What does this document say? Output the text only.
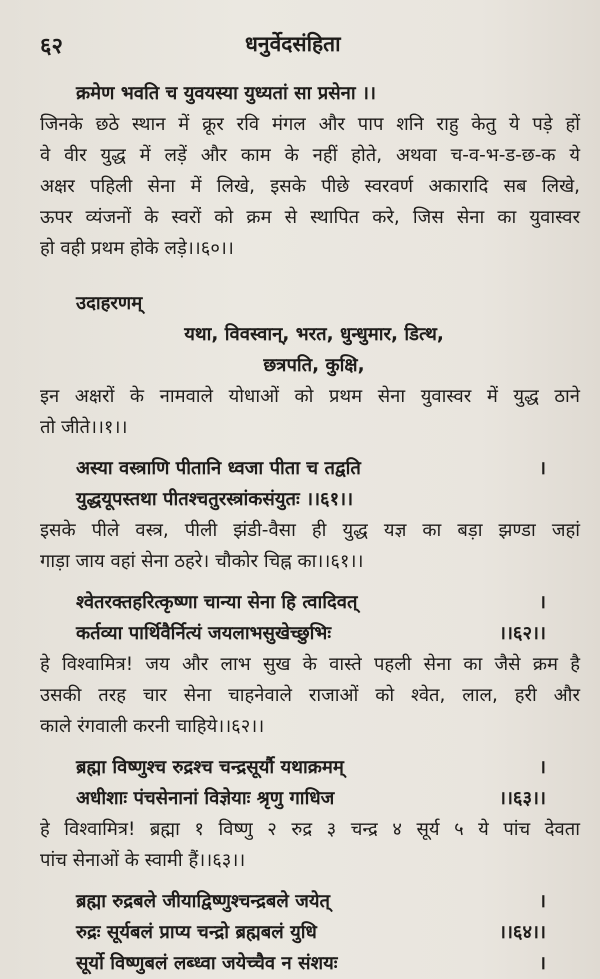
६२	धनुर्वेदसंहिता
क्रमेण भवति च युवयस्या युध्यतां सा प्रसेना ।।
जिनके छठे स्थान में क्रूर रवि मंगल और पाप शनि राहु केतु ये पड़े हों
वे वीर युद्ध में लड़ें और काम के नहीं होते, अथवा च-व-भ-ड-छ-क ये
अक्षर पहिली सेना में लिखे, इसके पीछे स्वरवर्ण अकारादि सब लिखे,
ऊपर व्यंजनों के स्वरों को क्रम से स्थापित करे, जिस सेना का युवास्वर
हो वही प्रथम होके लड़े।।६०।।
उदाहरणम्
यथा, विवस्वान्, भरत, धुन्धुमार, डित्थ,
छत्रपति, कुक्षि,
इन अक्षरों के नामवाले योधाओं को प्रथम सेना युवास्वर में युद्ध ठाने
तो जीते।।१।।
अस्या वस्त्राणि पीतानि ध्वजा पीता च तद्वति	।
युद्धयूपस्तथा पीतश्चतुरस्त्रांकसंयुतः ।।६१।।
इसके पीले वस्त्र, पीली झंडी-वैसा ही युद्ध यज्ञ का बड़ा झण्डा जहां
गाड़ा जाय वहां सेना ठहरे। चौकोर चिह्न का।।६१।।
श्वेतरक्तहरित्कृष्णा चान्या सेना हि त्वादिवत्	।
कर्तव्या पार्थिवैर्नित्यं जयलाभसुखेच्छुभिः	।।६२।।
हे विश्वामित्र! जय और लाभ सुख के वास्ते पहली सेना का जैसे क्रम है
उसकी तरह चार सेना चाहनेवाले राजाओं को श्वेत, लाल, हरी और
काले रंगवाली करनी चाहिये।।६२।।
ब्रह्मा विष्णुश्च रुद्रश्च चन्द्रसूर्यौ यथाक्रमम्	।
अधीशाः पंचसेनानां विज्ञेयाः श्रृणु गाधिज	।।६३।।
हे विश्वामित्र! ब्रह्मा १ विष्णु २ रुद्र ३ चन्द्र ४ सूर्य ५ ये पांच देवता
पांच सेनाओं के स्वामी हैं।।६३।।
ब्रह्मा रुद्रबले जीयाद्विष्णुश्चन्द्रबले जयेत्	।
रुद्रः सूर्यबलं प्राप्य चन्द्रो ब्रह्मबलं युधि	।।६४।।
सूर्यो विष्णुबलं लब्ध्वा जयेच्चैव न संशयः	।
